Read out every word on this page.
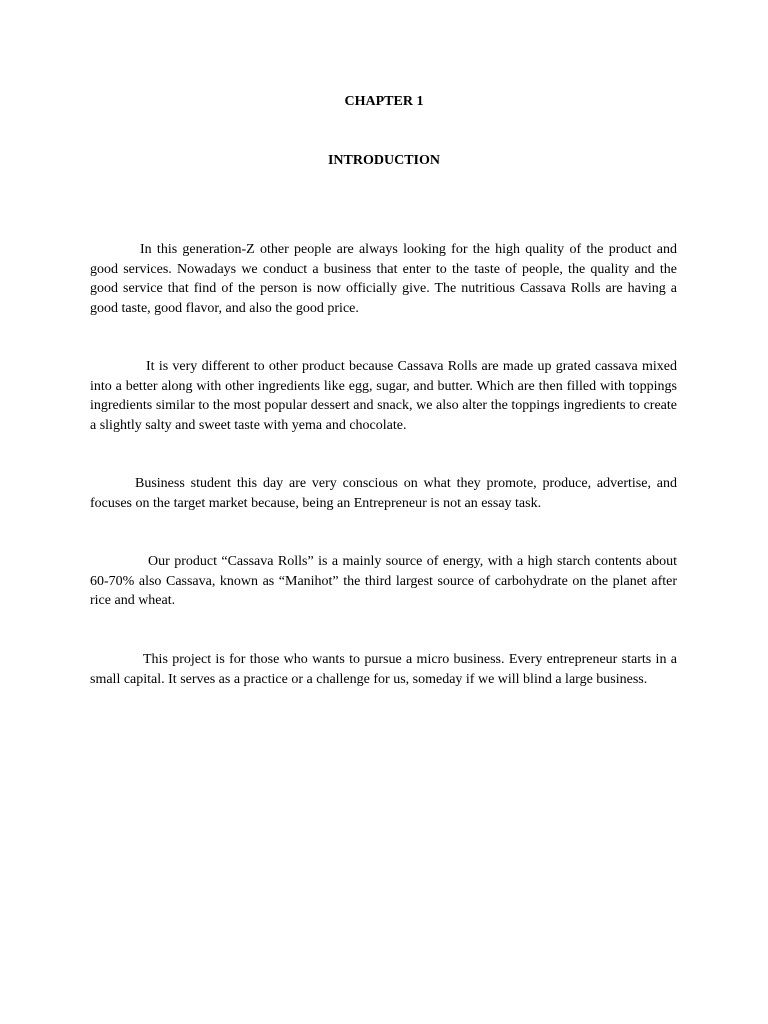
CHAPTER 1
INTRODUCTION

In this generation-Z other people are always looking for the high quality of the product and good services. Nowadays we conduct a business that enter to the taste of people, the quality and the good service that find of the person is now officially give. The nutritious Cassava Rolls are having a good taste, good flavor, and also the good price.

It is very different to other product because Cassava Rolls are made up grated cassava mixed into a better along with other ingredients like egg, sugar, and butter. Which are then filled with toppings ingredients similar to the most popular dessert and snack, we also alter the toppings ingredients to create a slightly salty and sweet taste with yema and chocolate.

Business student this day are very conscious on what they promote, produce, advertise, and focuses on the target market because, being an Entrepreneur is not an essay task.

Our product “Cassava Rolls” is a mainly source of energy, with a high starch contents about 60-70% also Cassava, known as “Manihot” the third largest source of carbohydrate on the planet after rice and wheat.

This project is for those who wants to pursue a micro business. Every entrepreneur starts in a small capital. It serves as a practice or a challenge for us, someday if we will blind a large business.
